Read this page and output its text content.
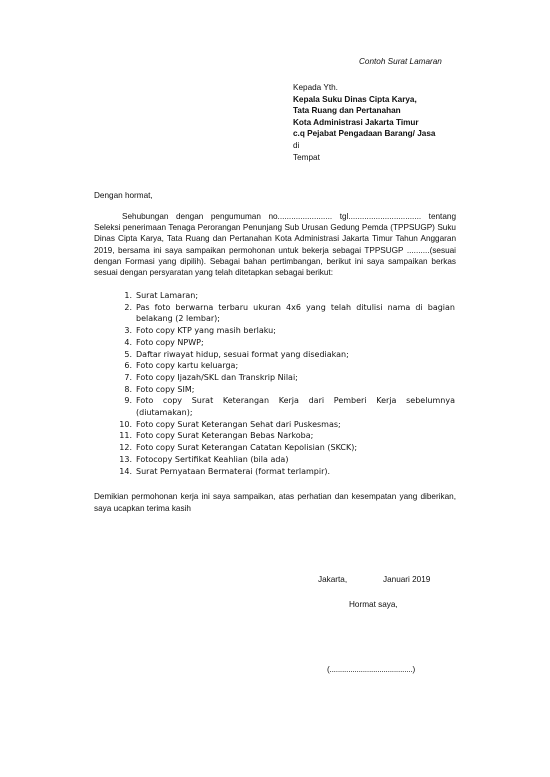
Contoh Surat Lamaran
Kepada Yth.
Kepala Suku Dinas Cipta Karya,
Tata Ruang dan Pertanahan
Kota Administrasi Jakarta Timur
c.q Pejabat Pengadaan Barang/ Jasa
di
Tempat
Dengan hormat,
Sehubungan dengan pengumuman no........................ tgl................................ tentang Seleksi penerimaan Tenaga Perorangan Penunjang Sub Urusan Gedung Pemda (TPPSUGP) Suku Dinas Cipta Karya, Tata Ruang dan Pertanahan Kota Administrasi Jakarta Timur Tahun Anggaran 2019, bersama ini saya sampaikan permohonan untuk bekerja sebagai TPPSUGP ..........(sesuai dengan Formasi yang dipilih). Sebagai bahan pertimbangan, berikut ini saya sampaikan berkas sesuai dengan persyaratan yang telah ditetapkan sebagai berikut:
1. Surat Lamaran;
2. Pas foto berwarna terbaru ukuran 4x6 yang telah ditulisi nama di bagian belakang (2 lembar);
3. Foto copy KTP yang masih berlaku;
4. Foto copy NPWP;
5. Daftar riwayat hidup, sesuai format yang disediakan;
6. Foto copy kartu keluarga;
7. Foto copy Ijazah/SKL dan Transkrip Nilai;
8. Foto copy SIM;
9. Foto copy Surat Keterangan Kerja dari Pemberi Kerja sebelumnya (diutamakan);
10. Foto copy Surat Keterangan Sehat dari Puskesmas;
11. Foto copy Surat Keterangan Bebas Narkoba;
12. Foto copy Surat Keterangan Catatan Kepolisian (SKCK);
13. Fotocopy Sertifikat Keahlian (bila ada)
14. Surat Pernyataan Bermaterai (format terlampir).
Demikian permohonan kerja ini saya sampaikan, atas perhatian dan kesempatan yang diberikan, saya ucapkan terima kasih
Jakarta,	Januari 2019
Hormat saya,
(........................................)
